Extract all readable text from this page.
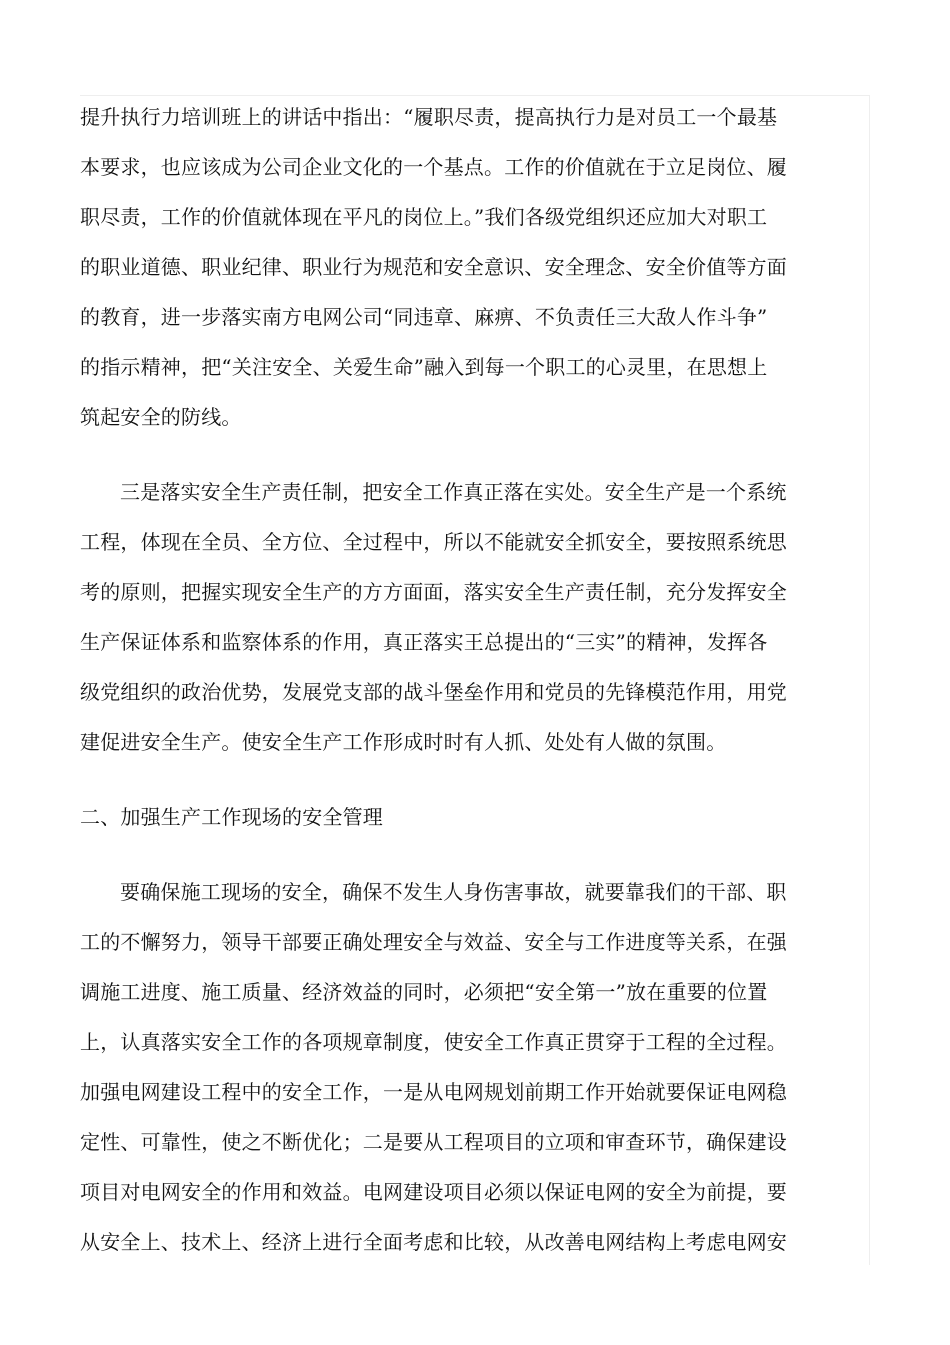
提升执行力培训班上的讲话中指出：“履职尽责，提高执行力是对员工一个最基
本要求，也应该成为公司企业文化的一个基点。工作的价值就在于立足岗位、履
职尽责，工作的价值就体现在平凡的岗位上。”我们各级党组织还应加大对职工
的职业道德、职业纪律、职业行为规范和安全意识、安全理念、安全价值等方面
的教育，进一步落实南方电网公司“同违章、麻痹、不负责任三大敌人作斗争”
的指示精神，把“关注安全、关爱生命”融入到每一个职工的心灵里，在思想上
筑起安全的防线。
三是落实安全生产责任制，把安全工作真正落在实处。安全生产是一个系统
工程，体现在全员、全方位、全过程中，所以不能就安全抓安全，要按照系统思
考的原则，把握实现安全生产的方方面面，落实安全生产责任制，充分发挥安全
生产保证体系和监察体系的作用，真正落实王总提出的“三实”的精神，发挥各
级党组织的政治优势，发展党支部的战斗堡垒作用和党员的先锋模范作用，用党
建促进安全生产。使安全生产工作形成时时有人抓、处处有人做的氛围。
二、加强生产工作现场的安全管理
要确保施工现场的安全，确保不发生人身伤害事故，就要靠我们的干部、职
工的不懈努力，领导干部要正确处理安全与效益、安全与工作进度等关系，在强
调施工进度、施工质量、经济效益的同时，必须把“安全第一”放在重要的位置
上，认真落实安全工作的各项规章制度，使安全工作真正贯穿于工程的全过程。
加强电网建设工程中的安全工作，一是从电网规划前期工作开始就要保证电网稳
定性、可靠性，使之不断优化；二是要从工程项目的立项和审查环节，确保建设
项目对电网安全的作用和效益。电网建设项目必须以保证电网的安全为前提，要
从安全上、技术上、经济上进行全面考虑和比较，从改善电网结构上考虑电网安
